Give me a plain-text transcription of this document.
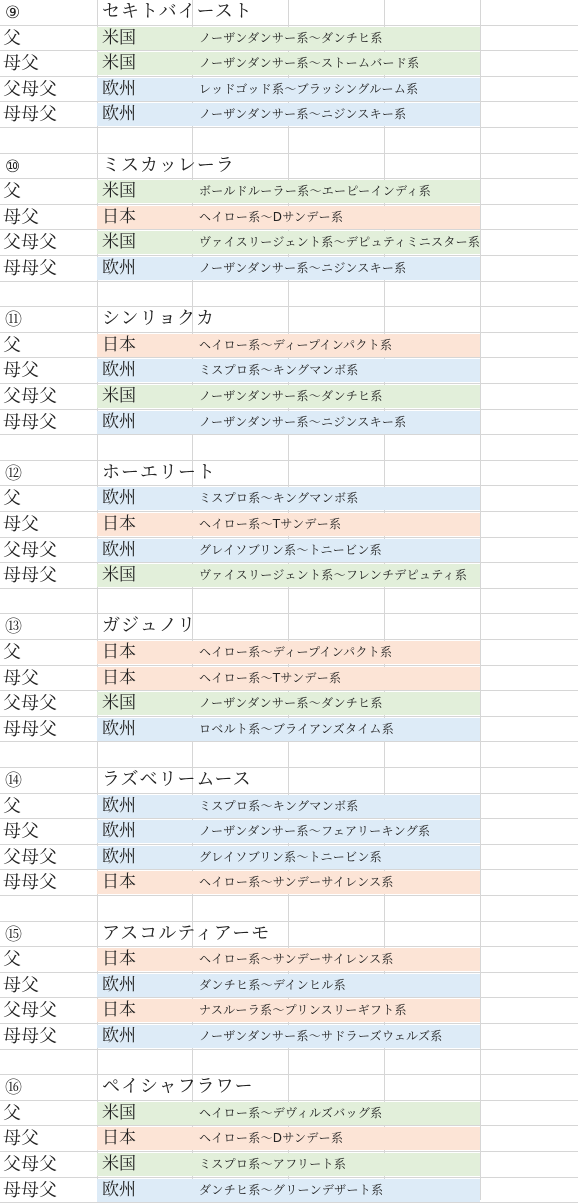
⑨	セキトバイースト
父	米国	ノーザンダンサー系〜ダンチヒ系
母父	米国	ノーザンダンサー系〜ストームバード系
父母父	欧州	レッドゴッド系〜ブラッシングルーム系
母母父	欧州	ノーザンダンサー系〜ニジンスキー系
⑩	ミスカッレーラ
父	米国	ボールドルーラー系〜エーピーインディ系
母父	日本	ヘイロー系〜Dサンデー系
父母父	米国	ヴァイスリージェント系〜デピュティミニスター系
母母父	欧州	ノーザンダンサー系〜ニジンスキー系
⑪	シンリョクカ
父	日本	ヘイロー系〜ディープインパクト系
母父	欧州	ミスプロ系〜キングマンボ系
父母父	米国	ノーザンダンサー系〜ダンチヒ系
母母父	欧州	ノーザンダンサー系〜ニジンスキー系
⑫	ホーエリート
父	欧州	ミスプロ系〜キングマンボ系
母父	日本	ヘイロー系〜Tサンデー系
父母父	欧州	グレイソブリン系〜トニービン系
母母父	米国	ヴァイスリージェント系〜フレンチデピュティ系
⑬	ガジュノリ
父	日本	ヘイロー系〜ディープインパクト系
母父	日本	ヘイロー系〜Tサンデー系
父母父	米国	ノーザンダンサー系〜ダンチヒ系
母母父	欧州	ロベルト系〜ブライアンズタイム系
⑭	ラズベリームース
父	欧州	ミスプロ系〜キングマンボ系
母父	欧州	ノーザンダンサー系〜フェアリーキング系
父母父	欧州	グレイソブリン系〜トニービン系
母母父	日本	ヘイロー系〜サンデーサイレンス系
⑮	アスコルティアーモ
父	日本	ヘイロー系〜サンデーサイレンス系
母父	欧州	ダンチヒ系〜デインヒル系
父母父	日本	ナスルーラ系〜プリンスリーギフト系
母母父	欧州	ノーザンダンサー系〜サドラーズウェルズ系
⑯	ペイシャフラワー
父	米国	ヘイロー系〜デヴィルズバッグ系
母父	日本	ヘイロー系〜Dサンデー系
父母父	米国	ミスプロ系〜アフリート系
母母父	欧州	ダンチヒ系〜グリーンデザート系
